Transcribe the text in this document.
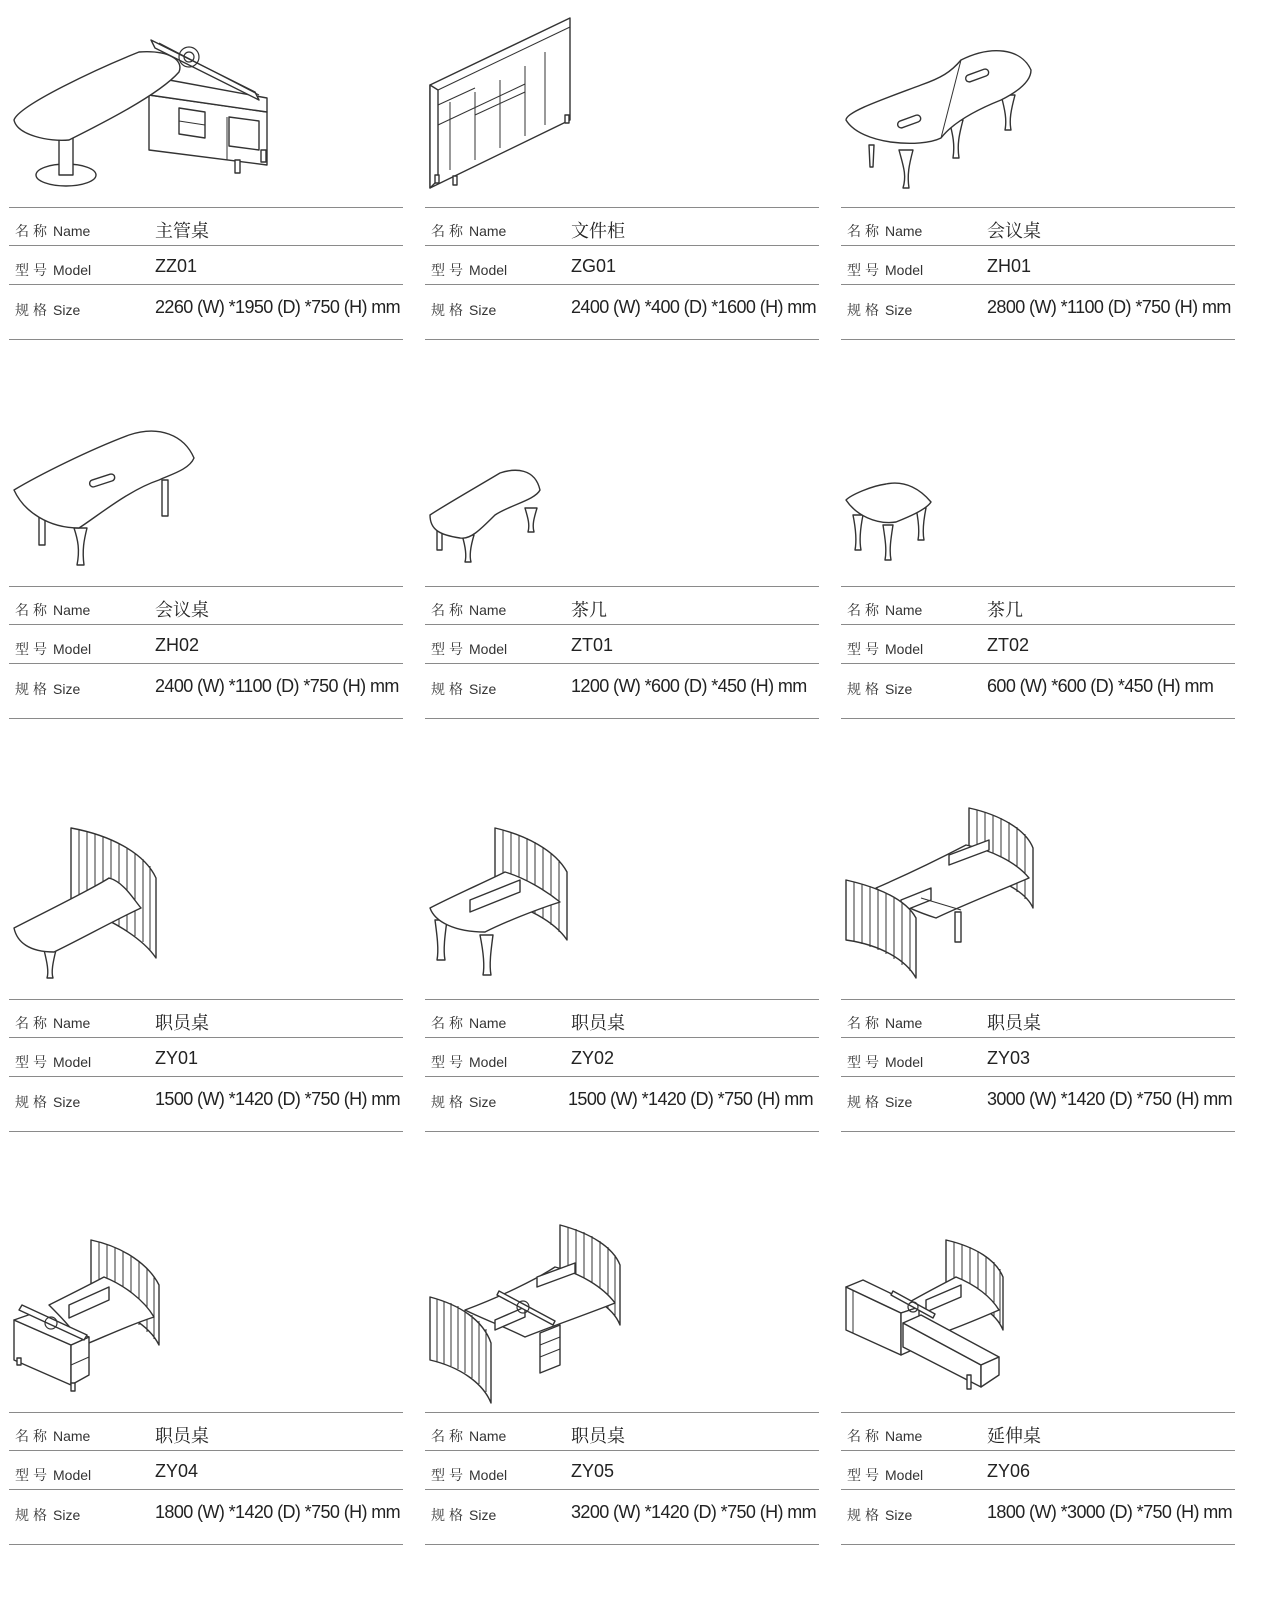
名称 Name	主管桌
型号 Model	ZZ01
规格 Size	2260 (W) *1950 (D) *750 (H) mm
名称 Name	文件柜
型号 Model	ZG01
规格 Size	2400 (W) *400 (D) *1600 (H) mm
名称 Name	会议桌
型号 Model	ZH01
规格 Size	2800 (W) *1100 (D) *750 (H) mm
名称 Name	会议桌
型号 Model	ZH02
规格 Size	2400 (W) *1100 (D) *750 (H) mm
名称 Name	茶几
型号 Model	ZT01
规格 Size	1200 (W) *600 (D) *450 (H) mm
名称 Name	茶几
型号 Model	ZT02
规格 Size	600 (W) *600 (D) *450 (H) mm
名称 Name	职员桌
型号 Model	ZY01
规格 Size	1500 (W) *1420 (D) *750 (H) mm
名称 Name	职员桌
型号 Model	ZY02
规格 Size	1500 (W) *1420 (D) *750 (H) mm
名称 Name	职员桌
型号 Model	ZY03
规格 Size	3000 (W) *1420 (D) *750 (H) mm
名称 Name	职员桌
型号 Model	ZY04
规格 Size	1800 (W) *1420 (D) *750 (H) mm
名称 Name	职员桌
型号 Model	ZY05
规格 Size	3200 (W) *1420 (D) *750 (H) mm
名称 Name	延伸桌
型号 Model	ZY06
规格 Size	1800 (W) *3000 (D) *750 (H) mm
